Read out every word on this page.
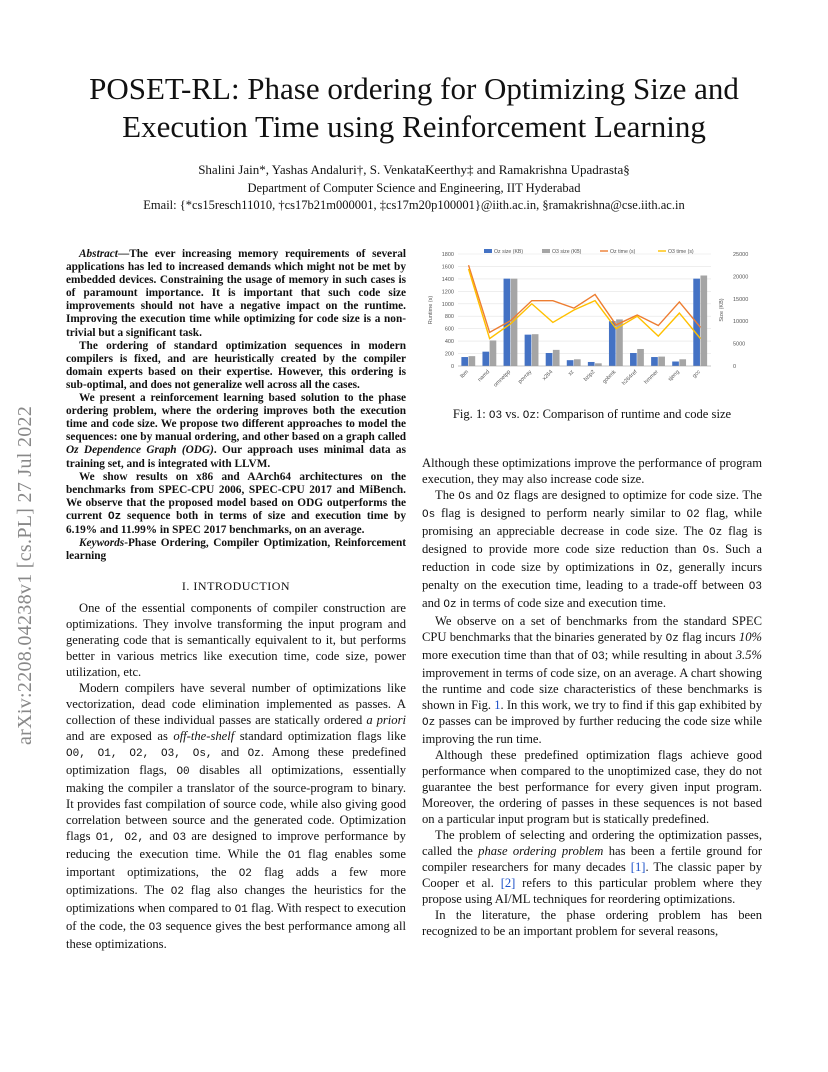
arXiv:2208.04238v1 [cs.PL] 27 Jul 2022
POSET-RL: Phase ordering for Optimizing Size and
Execution Time using Reinforcement Learning
Shalini Jain*, Yashas Andaluri†, S. VenkataKeerthy‡ and Ramakrishna Upadrasta§
Department of Computer Science and Engineering, IIT Hyderabad
Email: {*cs15resch11010, †cs17b21m000001, ‡cs17m20p100001}@iith.ac.in, §ramakrishna@cse.iith.ac.in

Abstract—The ever increasing memory requirements of several applications has led to increased demands which might not be met by embedded devices. Constraining the usage of memory in such cases is of paramount importance. It is important that such code size improvements should not have a negative impact on the runtime. Improving the execution time while optimizing for code size is a non-trivial but a significant task.

The ordering of standard optimization sequences in modern compilers is fixed, and are heuristically created by the compiler domain experts based on their expertise. However, this ordering is sub-optimal, and does not generalize well across all the cases.

We present a reinforcement learning based solution to the phase ordering problem, where the ordering improves both the execution time and code size. We propose two different approaches to model the sequences: one by manual ordering, and other based on a graph called Oz Dependence Graph (ODG). Our approach uses minimal data as training set, and is integrated with LLVM.

We show results on x86 and AArch64 architectures on the benchmarks from SPEC-CPU 2006, SPEC-CPU 2017 and MiBench. We observe that the proposed model based on ODG outperforms the current Oz sequence both in terms of size and execution time by 6.19% and 11.99% in SPEC 2017 benchmarks, on an average.

Keywords-Phase Ordering, Compiler Optimization, Reinforcement learning

I. INTRODUCTION

One of the essential components of compiler construction are optimizations. They involve transforming the input program and generating code that is semantically equivalent to it, but performs better in various metrics like execution time, code size, power utilization, etc.

Modern compilers have several number of optimizations like vectorization, dead code elimination implemented as passes. A collection of these individual passes are statically ordered a priori and are exposed as off-the-shelf standard optimization flags like O0, O1, O2, O3, Os, and Oz. Among these predefined optimization flags, O0 disables all optimizations, essentially making the compiler a translator of the source-program to binary. It provides fast compilation of source code, while also giving good correlation between source and the generated code. Optimization flags O1, O2, and O3 are designed to improve performance by reducing the execution time. While the O1 flag enables some important optimizations, the O2 flag adds a few more optimizations. The O2 flag also changes the heuristics for the optimizations when compared to O1 flag. With respect to execution of the code, the O3 sequence gives the best performance among all these optimizations.

0
200
400
600
800
1000
1200
1400
1600
1800
0
5000
10000
15000
20000
25000
Runtime (s)	Size (KB)
lbm namd omnetpp povray x264 xz bzip2 gobmk h264ref hmmer sjeng gcc
Oz size (KB)	O3 size (KB)	Oz time (s)	O3 time (s)
Fig. 1: O3 vs. Oz: Comparison of runtime and code size

Although these optimizations improve the performance of program execution, they may also increase code size.

The Os and Oz flags are designed to optimize for code size. The Os flag is designed to perform nearly similar to O2 flag, while promising an appreciable decrease in code size. The Oz flag is designed to provide more code size reduction than Os. Such a reduction in code size by optimizations in Oz, generally incurs penalty on the execution time, leading to a trade-off between O3 and Oz in terms of code size and execution time.

We observe on a set of benchmarks from the standard SPEC CPU benchmarks that the binaries generated by Oz flag incurs 10% more execution time than that of O3; while resulting in about 3.5% improvement in terms of code size, on an average. A chart showing the runtime and code size characteristics of these benchmarks is shown in Fig. 1. In this work, we try to find if this gap exhibited by Oz passes can be improved by further reducing the code size while improving the run time.

Although these predefined optimization flags achieve good performance when compared to the unoptimized case, they do not guarantee the best performance for every given input program. Moreover, the ordering of passes in these sequences is not based on a particular input program but is statically predefined.

The problem of selecting and ordering the optimization passes, called the phase ordering problem has been a fertile ground for compiler researchers for many decades [1]. The classic paper by Cooper et al. [2] refers to this particular problem where they propose using AI/ML techniques for reordering optimizations.

In the literature, the phase ordering problem has been recognized to be an important problem for several reasons,
